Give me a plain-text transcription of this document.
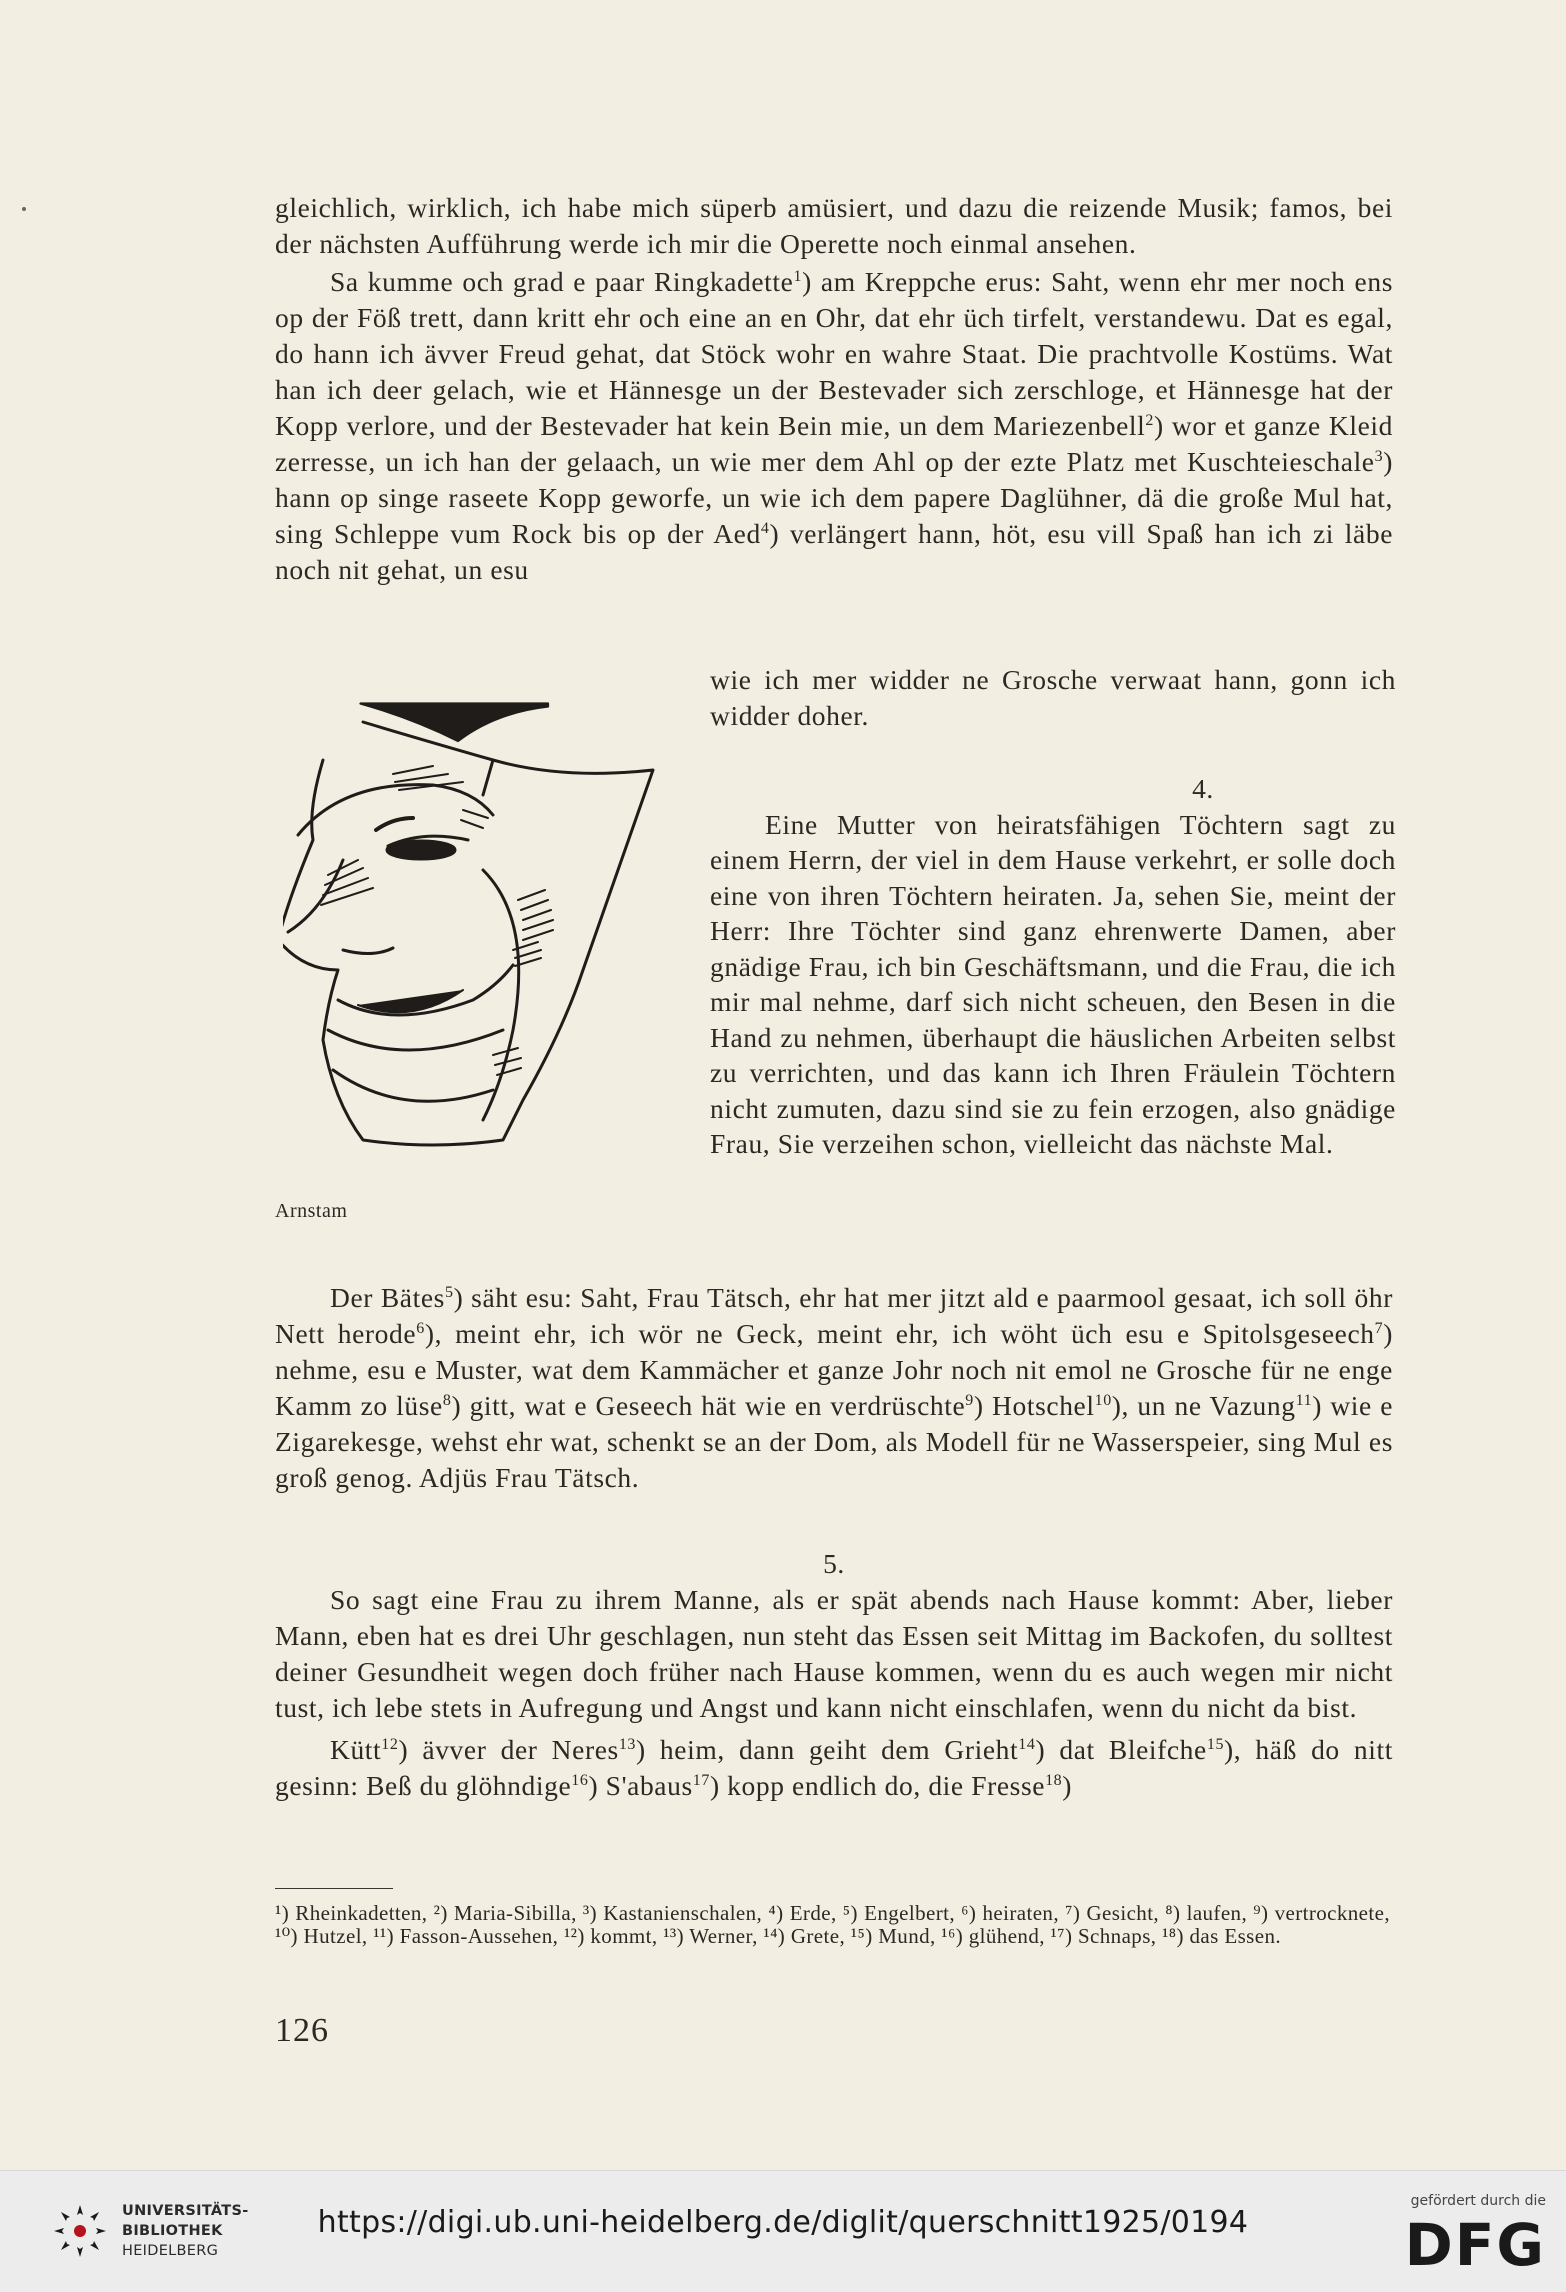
gleichlich, wirklich, ich habe mich süperb amüsiert, und dazu die reizende Musik; famos, bei der nächsten Aufführung werde ich mir die Operette noch einmal ansehen.

Sa kumme och grad e paar Ringkadette$^1$) am Kreppche erus: Saht, wenn ehr mer noch ens op der Föß trett, dann kritt ehr och eine an en Ohr, dat ehr üch tirfelt, verstandewu. Dat es egal, do hann ich ävver Freud gehat, dat Stöck wohr en wahre Staat. Die prachtvolle Kostüms. Wat han ich deer gelach, wie et Hännesge un der Bestevader sich zerschloge, et Hännesge hat der Kopp verlore, und der Bestevader hat kein Bein mie, un dem Mariezenbell$^2$) wor et ganze Kleid zerresse, un ich han der gelaach, un wie mer dem Ahl op der ezte Platz met Kuschteieschale$^3$) hann op singe raseete Kopp geworfe, un wie ich dem papere Daglühner, dä die große Mul hat, sing Schleppe vum Rock bis op der Aed$^4$) verlängert hann, höt, esu vill Spaß han ich zi läbe noch nit gehat, un esu

Arnstam

wie ich mer widder ne Grosche verwaat hann, gonn ich widder doher.

4.

Eine Mutter von heiratsfähigen Töchtern sagt zu einem Herrn, der viel in dem Hause verkehrt, er solle doch eine von ihren Töchtern heiraten. Ja, sehen Sie, meint der Herr: Ihre Töchter sind ganz ehrenwerte Damen, aber gnädige Frau, ich bin Geschäftsmann, und die Frau, die ich mir mal nehme, darf sich nicht scheuen, den Besen in die Hand zu nehmen, überhaupt die häuslichen Arbeiten selbst zu verrichten, und das kann ich Ihren Fräulein Töchtern nicht zumuten, dazu sind sie zu fein erzogen, also gnädige Frau, Sie verzeihen schon, vielleicht das nächste Mal.

Der Bätes$^5$) säht esu: Saht, Frau Tätsch, ehr hat mer jitzt ald e paarmool gesaat, ich soll öhr Nett herode$^6$), meint ehr, ich wör ne Geck, meint ehr, ich wöht üch esu e Spitolsgeseech$^7$) nehme, esu e Muster, wat dem Kammächer et ganze Johr noch nit emol ne Grosche für ne enge Kamm zo lüse$^8$) gitt, wat e Geseech hät wie en verdrüschte$^9$) Hotschel$^{10}$), un ne Vazung$^{11}$) wie e Zigarekesge, wehst ehr wat, schenkt se an der Dom, als Modell für ne Wasserspeier, sing Mul es groß genog. Adjüs Frau Tätsch.

5.

So sagt eine Frau zu ihrem Manne, als er spät abends nach Hause kommt: Aber, lieber Mann, eben hat es drei Uhr geschlagen, nun steht das Essen seit Mittag im Backofen, du solltest deiner Gesundheit wegen doch früher nach Hause kommen, wenn du es auch wegen mir nicht tust, ich lebe stets in Aufregung und Angst und kann nicht einschlafen, wenn du nicht da bist.

Kütt$^{12}$) ävver der Neres$^{13}$) heim, dann geiht dem Grieht$^{14}$) dat Bleifche$^{15}$), häß do nitt gesinn: Beß du glöhndige$^{16}$) S'abaus$^{17}$) kopp endlich do, die Fresse$^{18}$)

¹) Rheinkadetten, ²) Maria-Sibilla, ³) Kastanienschalen, ⁴) Erde, ⁵) Engelbert, ⁶) heiraten, ⁷) Gesicht, ⁸) laufen, ⁹) vertrocknete, ¹⁰) Hutzel, ¹¹) Fasson-Aussehen, ¹²) kommt, ¹³) Werner, ¹⁴) Grete, ¹⁵) Mund, ¹⁶) glühend, ¹⁷) Schnaps, ¹⁸) das Essen.

126
UNIVERSITÄTS-
BIBLIOTHEK
HEIDELBERG
https://digi.ub.uni-heidelberg.de/diglit/querschnitt1925/0194
gefördert durch die
DFG
